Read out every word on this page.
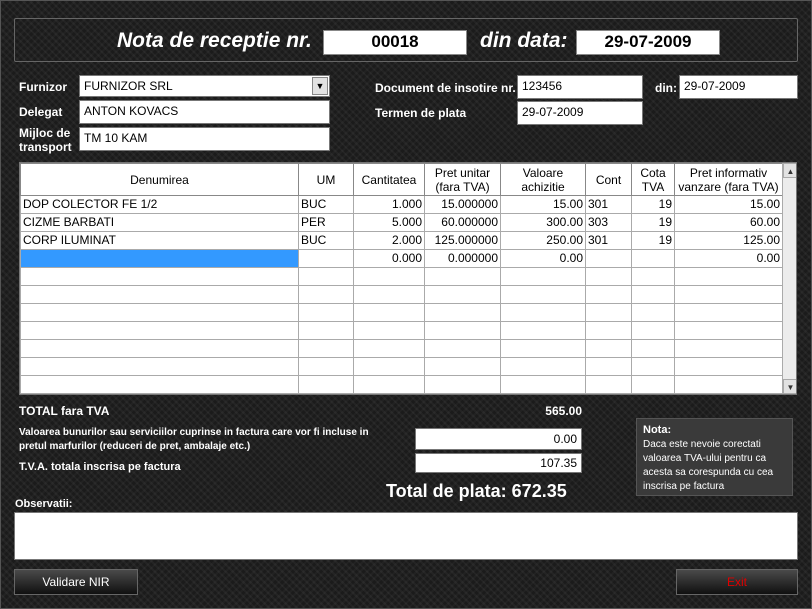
Nota de receptie nr.	00018	din data:	29-07-2009
Furnizor	FURNIZOR SRL	▼
Delegat	ANTON KOVACS
Mijloc de transport
TM 10 KAM
Document de insotire nr. 123456	din: 29-07-2009
Termen de plata	29-07-2009
Denumirea	UM	Cantitatea	Pret unitar (fara TVA)	Valoare achizitie	Cont	Cota TVA	Pret informativ vanzare (fara TVA)
DOP COLECTOR FE 1/2	BUC	1.000	15.000000	15.00	301	19	15.00
CIZME BARBATI	PER	5.000	60.000000	300.00	303	19	60.00
CORP ILUMINAT	BUC	2.000	125.000000	250.00	301	19	125.00
		0.000	0.000000	0.00			0.00

▲
▼
TOTAL fara TVA	565.00
Valoarea bunurilor sau serviciilor cuprinse in factura care vor fi incluse in pretul marfurilor (reduceri de pret, ambalaje etc.)
0.00
T.V.A. totala inscrisa pe factura	107.35
Total de plata: 672.35
Nota:
Daca este nevoie corectati valoarea TVA-ului pentru ca acesta sa corespunda cu cea inscrisa pe factura
Observatii:
Validare NIR	Exit
